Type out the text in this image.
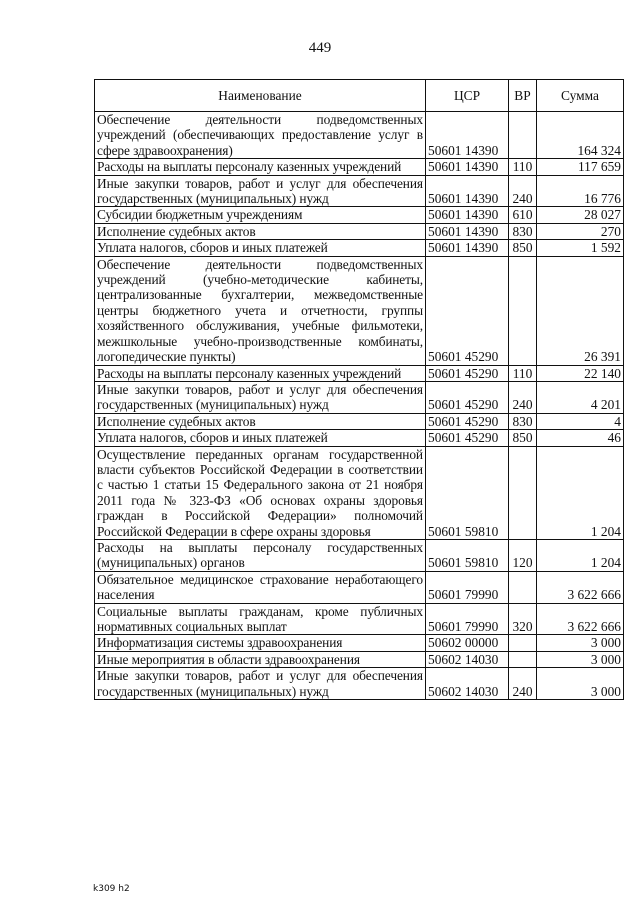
449
Наименование	ЦСР	ВР	Сумма
Обеспечение деятельности подведомственных учреждений (обеспечивающих предоставление услуг в сфере здравоохранения)	50601 14390		164 324
Расходы на выплаты персоналу казенных учреждений	50601 14390	110	117 659
Иные закупки товаров, работ и услуг для обеспечения государственных (муниципальных) нужд	50601 14390	240	16 776
Субсидии бюджетным учреждениям	50601 14390	610	28 027
Исполнение судебных актов	50601 14390	830	270
Уплата налогов, сборов и иных платежей	50601 14390	850	1 592
Обеспечение деятельности подведомственных учреждений (учебно-методические кабинеты, централизованные бухгалтерии, межведомственные центры бюджетного учета и отчетности, группы хозяйственного обслуживания, учебные фильмотеки, межшкольные учебно-производственные комбинаты, логопедические пункты)	50601 45290		26 391
Расходы на выплаты персоналу казенных учреждений	50601 45290	110	22 140
Иные закупки товаров, работ и услуг для обеспечения государственных (муниципальных) нужд	50601 45290	240	4 201
Исполнение судебных актов	50601 45290	830	4
Уплата налогов, сборов и иных платежей	50601 45290	850	46
Осуществление переданных органам государственной власти субъектов Российской Федерации в соответствии с частью 1 статьи 15 Федерального закона от 21 ноября 2011 года № 323-ФЗ «Об основах охраны здоровья граждан в Российской Федерации» полномочий Российской Федерации в сфере охраны здоровья	50601 59810		1 204
Расходы на выплаты персоналу государственных (муниципальных) органов	50601 59810	120	1 204
Обязательное медицинское страхование неработающего населения	50601 79990		3 622 666
Социальные выплаты гражданам, кроме публичных нормативных социальных выплат	50601 79990	320	3 622 666
Информатизация системы здравоохранения	50602 00000		3 000
Иные мероприятия в области здравоохранения	50602 14030		3 000
Иные закупки товаров, работ и услуг для обеспечения государственных (муниципальных) нужд	50602 14030	240	3 000
k309 h2
